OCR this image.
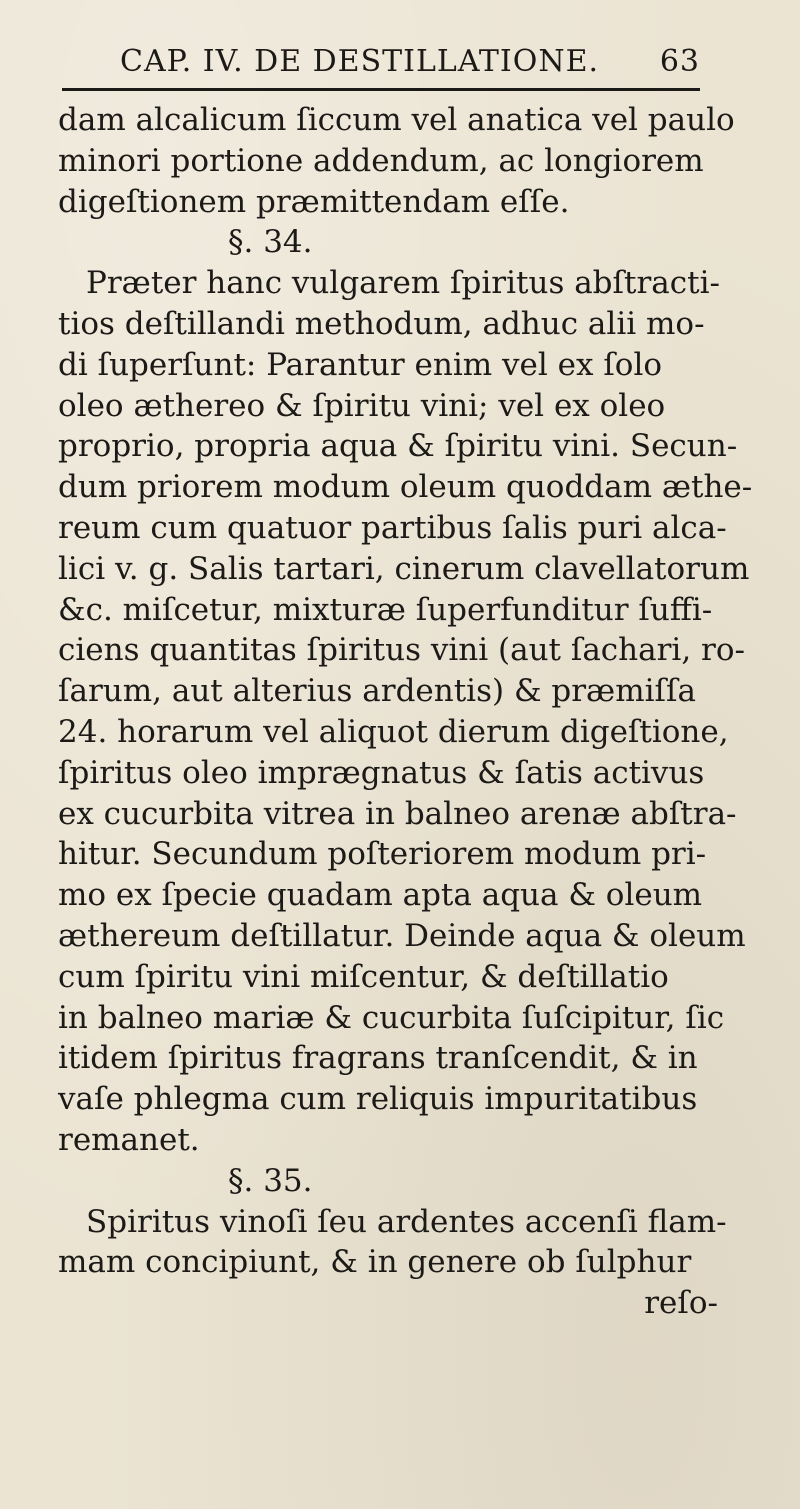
CAP. IV. DE DESTILLATIONE. 63
dam alcalicum ſiccum vel anatica vel paulo
minori portione addendum, ac longiorem
digeſtionem præmittendam eſſe.
§. 34.
Præter hanc vulgarem ſpiritus abſtracti-
tios deſtillandi methodum, adhuc alii mo-
di ſuperſunt: Parantur enim vel ex ſolo
oleo æthereo & ſpiritu vini; vel ex oleo
proprio, propria aqua & ſpiritu vini. Secun-
dum priorem modum oleum quoddam æthe-
reum cum quatuor partibus ſalis puri alca-
lici v. g. Salis tartari, cinerum clavellatorum
&c. miſcetur, mixturæ ſuperfunditur ſuffi-
ciens quantitas ſpiritus vini (aut ſachari, ro-
ſarum, aut alterius ardentis) & præmiſſa
24. horarum vel aliquot dierum digeſtione,
ſpiritus oleo imprægnatus & ſatis activus
ex cucurbita vitrea in balneo arenæ abſtra-
hitur. Secundum poſteriorem modum pri-
mo ex ſpecie quadam apta aqua & oleum
æthereum deſtillatur. Deinde aqua & oleum
cum ſpiritu vini miſcentur, & deſtillatio
in balneo mariæ & cucurbita ſuſcipitur, ſic
itidem ſpiritus fragrans tranſcendit, & in
vaſe phlegma cum reliquis impuritatibus
remanet.
§. 35.
Spiritus vinoſi ſeu ardentes accenſi flam-
mam concipiunt, & in genere ob ſulphur
reſo-
